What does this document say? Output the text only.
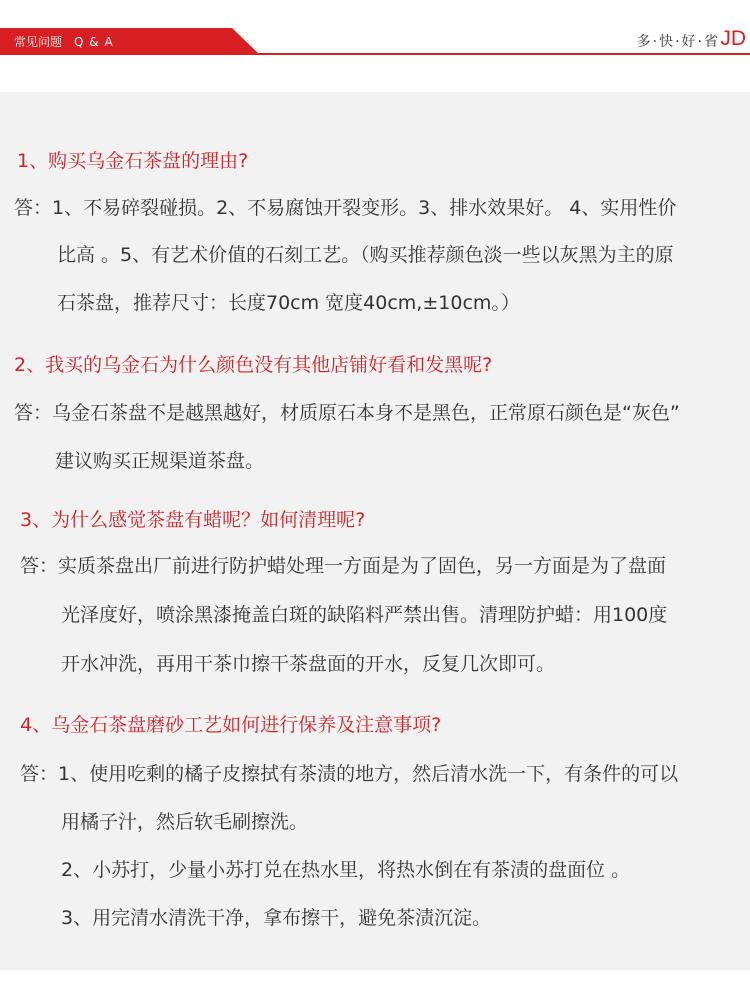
常见问题 Q & A	多·快·好·省 JD
1、购买乌金石茶盘的理由?
答：1、不易碎裂碰损。2、不易腐蚀开裂变形。3、排水效果好。 4、实用性价
比高 。5、有艺术价值的石刻工艺。（购买推荐颜色淡一些以灰黑为主的原
石茶盘，推荐尺寸：长度70cm 宽度40cm,±10cm。）
2、我买的乌金石为什么颜色没有其他店铺好看和发黑呢?
答：乌金石茶盘不是越黑越好，材质原石本身不是黑色，正常原石颜色是“灰色”
建议购买正规渠道茶盘。
3、为什么感觉茶盘有蜡呢？如何清理呢?
答：实质茶盘出厂前进行防护蜡处理一方面是为了固色，另一方面是为了盘面
光泽度好，喷涂黑漆掩盖白斑的缺陷料严禁出售。清理防护蜡：用100度
开水冲洗，再用干茶巾擦干茶盘面的开水，反复几次即可。
4、乌金石茶盘磨砂工艺如何进行保养及注意事项?
答：1、使用吃剩的橘子皮擦拭有茶渍的地方，然后清水洗一下，有条件的可以
用橘子汁，然后软毛刷擦洗。
2、小苏打，少量小苏打兑在热水里，将热水倒在有茶渍的盘面位 。
3、用完清水清洗干净，拿布擦干，避免茶渍沉淀。
